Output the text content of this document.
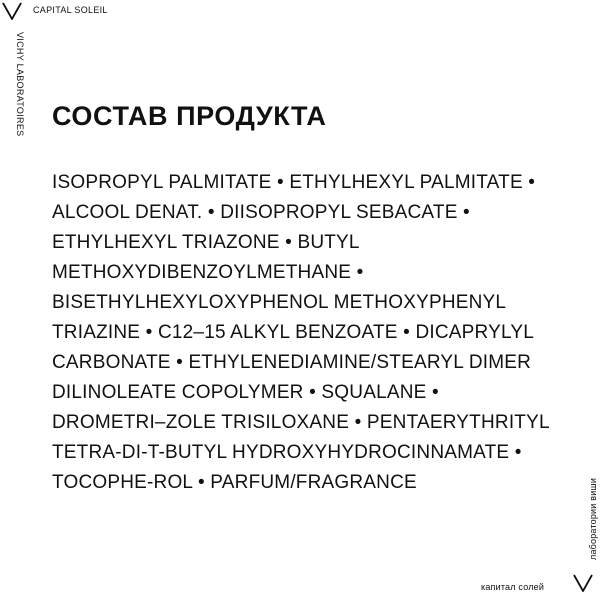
CAPITAL SOLEIL
VICHY LABORATOIRES СОСТАВ ПРОДУКТА
ISOPROPYL PALMITATE • ETHYLHEXYL PALMITATE •
ALCOOL DENAT. • DIISOPROPYL SEBACATE •
ETHYLHEXYL TRIAZONE • BUTYL
METHOXYDIBENZOYLMETHANE •
BISETHYLHEXYLOXYPHENOL METHOXYPHENYL
TRIAZINE • C12–15 ALKYL BENZOATE • DICAPRYLYL
CARBONATE • ETHYLENEDIAMINE/STEARYL DIMER
DILINOLEATE COPOLYMER • SQUALANE •
DROMETRI–ZOLE TRISILOXANE • PENTAERYTHRITYL
TETRA-DI-T-BUTYL HYDROXYHYDROCINNAMATE •
TOCOPHE-ROL • PARFUM/FRAGRANCE	лаборатории виши
капитал солей
